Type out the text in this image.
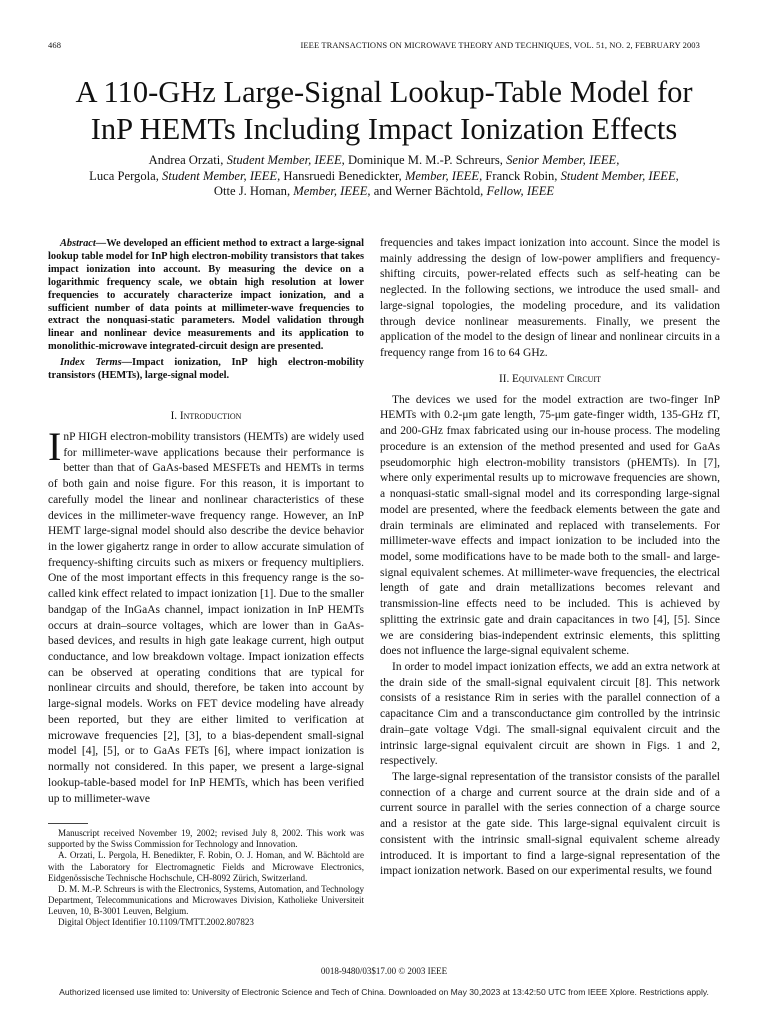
468	IEEE TRANSACTIONS ON MICROWAVE THEORY AND TECHNIQUES, VOL. 51, NO. 2, FEBRUARY 2003
A 110-GHz Large-Signal Lookup-Table Model for
InP HEMTs Including Impact Ionization Effects
Andrea Orzati, Student Member, IEEE, Dominique M. M.-P. Schreurs, Senior Member, IEEE,
Luca Pergola, Student Member, IEEE, Hansruedi Benedickter, Member, IEEE, Franck Robin, Student Member, IEEE,
Otte J. Homan, Member, IEEE, and Werner Bächtold, Fellow, IEEE

Abstract—We developed an efficient method to extract a large-signal lookup table model for InP high electron-mobility transistors that takes impact ionization into account. By measuring the device on a logarithmic frequency scale, we obtain high resolution at lower frequencies to accurately characterize impact ionization, and a sufficient number of data points at millimeter-wave frequencies to extract the nonquasi-static parameters. Model validation through linear and nonlinear device measurements and its application to monolithic-microwave integrated-circuit design are presented.

Index Terms—Impact ionization, InP high electron-mobility transistors (HEMTs), large-signal model.

I. Introduction

InP HIGH electron-mobility transistors (HEMTs) are widely used for millimeter-wave applications because their performance is better than that of GaAs-based MESFETs and HEMTs in terms of both gain and noise figure. For this reason, it is important to carefully model the linear and nonlinear characteristics of these devices in the millimeter-wave frequency range. However, an InP HEMT large-signal model should also describe the device behavior in the lower gigahertz range in order to allow accurate simulation of frequency-shifting circuits such as mixers or frequency multipliers. One of the most important effects in this frequency range is the so-called kink effect related to impact ionization [1]. Due to the smaller bandgap of the InGaAs channel, impact ionization in InP HEMTs occurs at drain–source voltages, which are lower than in GaAs-based devices, and results in high gate leakage current, high output conductance, and low breakdown voltage. Impact ionization effects can be observed at operating conditions that are typical for nonlinear circuits and should, therefore, be taken into account by large-signal models. Works on FET device modeling have already been reported, but they are either limited to verification at microwave frequencies [2], [3], to a bias-dependent small-signal model [4], [5], or to GaAs FETs [6], where impact ionization is normally not considered. In this paper, we present a large-signal lookup-table-based model for InP HEMTs, which has been verified up to millimeter-wave

Manuscript received November 19, 2002; revised July 8, 2002. This work was supported by the Swiss Commission for Technology and Innovation.

A. Orzati, L. Pergola, H. Benedikter, F. Robin, O. J. Homan, and W. Bächtold are with the Laboratory for Electromagnetic Fields and Microwave Electronics, Eidgenössische Technische Hochschule, CH-8092 Zürich, Switzerland.

D. M. M.-P. Schreurs is with the Electronics, Systems, Automation, and Technology Department, Telecommunications and Microwaves Division, Katholieke Universiteit Leuven, 10, B-3001 Leuven, Belgium.

Digital Object Identifier 10.1109/TMTT.2002.807823

frequencies and takes impact ionization into account. Since the model is mainly addressing the design of low-power amplifiers and frequency-shifting circuits, power-related effects such as self-heating can be neglected. In the following sections, we introduce the used small- and large-signal topologies, the modeling procedure, and its validation through device nonlinear measurements. Finally, we present the application of the model to the design of linear and nonlinear circuits in a frequency range from 16 to 64 GHz.

II. Equivalent Circuit

The devices we used for the model extraction are two-finger InP HEMTs with 0.2-μm gate length, 75-μm gate-finger width, 135-GHz fT, and 200-GHz fmax fabricated using our in-house process. The modeling procedure is an extension of the method presented and used for GaAs pseudomorphic high electron-mobility transistors (pHEMTs). In [7], where only experimental results up to microwave frequencies are shown, a nonquasi-static small-signal model and its corresponding large-signal model are presented, where the feedback elements between the gate and drain terminals are eliminated and replaced with transelements. For millimeter-wave effects and impact ionization to be included into the model, some modifications have to be made both to the small- and large-signal equivalent schemes. At millimeter-wave frequencies, the electrical length of gate and drain metallizations becomes relevant and transmission-line effects need to be included. This is achieved by splitting the extrinsic gate and drain capacitances in two [4], [5]. Since we are considering bias-independent extrinsic elements, this splitting does not influence the large-signal equivalent scheme.

In order to model impact ionization effects, we add an extra network at the drain side of the small-signal equivalent circuit [8]. This network consists of a resistance Rim in series with the parallel connection of a capacitance Cim and a transconductance gim controlled by the intrinsic drain–gate voltage Vdgi. The small-signal equivalent circuit and the intrinsic large-signal equivalent circuit are shown in Figs. 1 and 2, respectively.

The large-signal representation of the transistor consists of the parallel connection of a charge and current source at the drain side and of a current source in parallel with the series connection of a charge source and a resistor at the gate side. This large-signal equivalent circuit is consistent with the intrinsic small-signal equivalent scheme already introduced. It is important to find a large-signal representation of the impact ionization network. Based on our experimental results, we found

0018-9480/03$17.00 © 2003 IEEE
Authorized licensed use limited to: University of Electronic Science and Tech of China. Downloaded on May 30,2023 at 13:42:50 UTC from IEEE Xplore. Restrictions apply.
